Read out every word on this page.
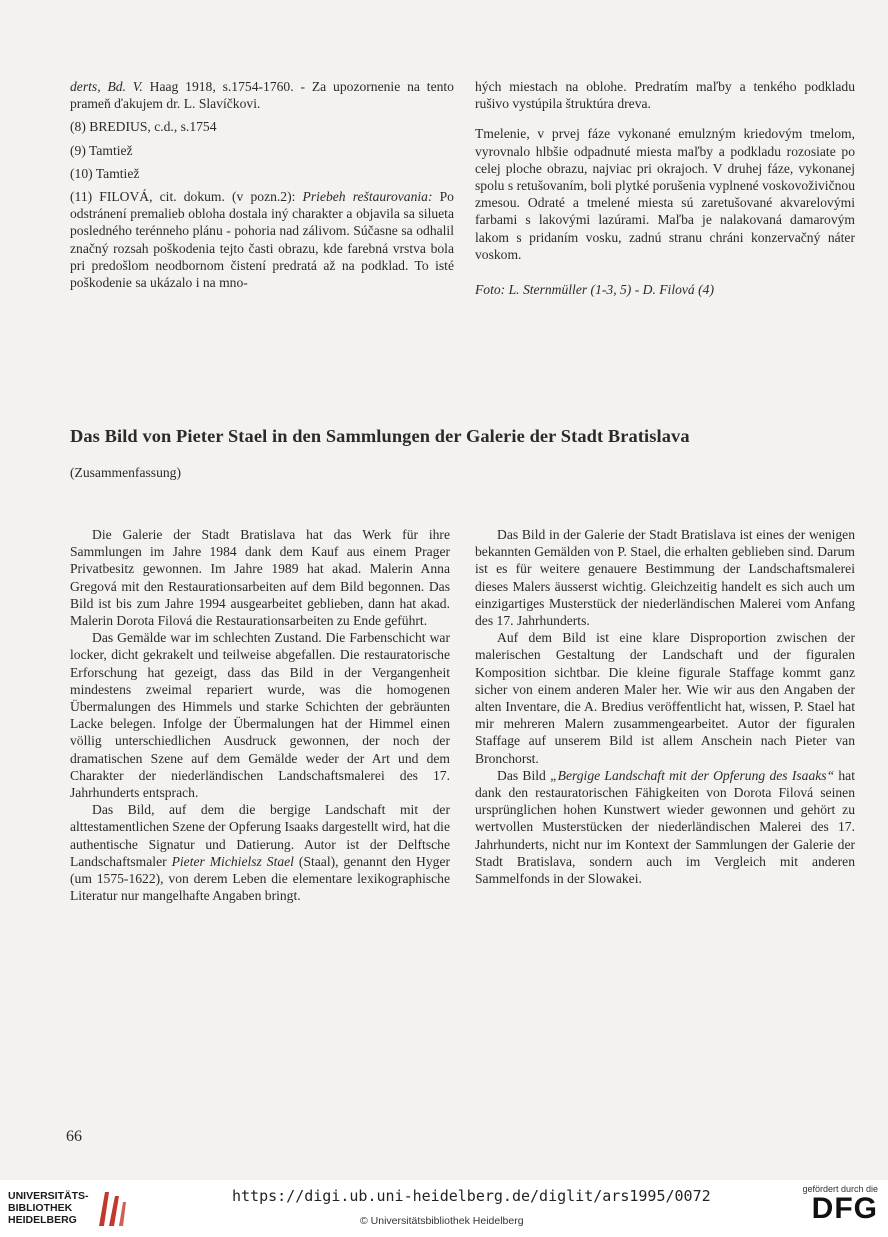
derts, Bd. V. Haag 1918, s.1754-1760. - Za upozornenie na tento prameň ďakujem dr. L. Slavíčkovi.

(8) BREDIUS, c.d., s.1754

(9) Tamtiež

(10) Tamtiež

(11) FILOVÁ, cit. dokum. (v pozn.2): Priebeh reštaurovania: Po odstránení premalieb obloha dostala iný charakter a objavila sa silueta posledného terénneho plánu - pohoria nad zálivom. Súčasne sa odhalil značný rozsah poškodenia tejto časti obrazu, kde farebná vrstva bola pri predošlom neodbornom čistení predratá až na podklad. To isté poškodenie sa ukázalo i na mno-

hých miestach na oblohe. Predratím maľby a tenkého podkladu rušivo vystúpila štruktúra dreva.

Tmelenie, v prvej fáze vykonané emulzným kriedovým tmelom, vyrovnalo hlbšie odpadnuté miesta maľby a podkladu rozosiate po celej ploche obrazu, najviac pri okrajoch. V druhej fáze, vykonanej spolu s retušovaním, boli plytké porušenia vyplnené voskovoživičnou zmesou. Odraté a tmelené miesta sú zaretušované akvarelovými farbami s lakovými lazúrami. Maľba je nalakovaná damarovým lakom s pridaním vosku, zadnú stranu chráni konzervačný náter voskom.

Foto: L. Sternmüller (1-3, 5) - D. Filová (4)

Das Bild von Pieter Stael in den Sammlungen der Galerie der Stadt Bratislava
(Zusammenfassung)

Die Galerie der Stadt Bratislava hat das Werk für ihre Sammlungen im Jahre 1984 dank dem Kauf aus einem Prager Privatbesitz gewonnen. Im Jahre 1989 hat akad. Malerin Anna Gregová mit den Restaurationsarbeiten auf dem Bild begonnen. Das Bild ist bis zum Jahre 1994 ausgearbeitet geblieben, dann hat akad. Malerin Dorota Filová die Restaurationsarbeiten zu Ende geführt.

Das Gemälde war im schlechten Zustand. Die Farbenschicht war locker, dicht gekrakelt und teilweise abgefallen. Die restauratorische Erforschung hat gezeigt, dass das Bild in der Vergangenheit mindestens zweimal repariert wurde, was die homogenen Übermalungen des Himmels und starke Schichten der gebräunten Lacke belegen. Infolge der Übermalungen hat der Himmel einen völlig unterschiedlichen Ausdruck gewonnen, der noch der dramatischen Szene auf dem Gemälde weder der Art und dem Charakter der niederländischen Landschaftsmalerei des 17. Jahrhunderts entsprach.

Das Bild, auf dem die bergige Landschaft mit der alttestamentlichen Szene der Opferung Isaaks dargestellt wird, hat die authentische Signatur und Datierung. Autor ist der Delftsche Landschaftsmaler Pieter Michielsz Stael (Staal), genannt den Hyger (um 1575-1622), von derem Leben die elementare lexikographische Literatur nur mangelhafte Angaben bringt.

Das Bild in der Galerie der Stadt Bratislava ist eines der wenigen bekannten Gemälden von P. Stael, die erhalten geblieben sind. Darum ist es für weitere genauere Bestimmung der Landschaftsmalerei dieses Malers äusserst wichtig. Gleichzeitig handelt es sich auch um einzigartiges Musterstück der niederländischen Malerei vom Anfang des 17. Jahrhunderts.

Auf dem Bild ist eine klare Disproportion zwischen der malerischen Gestaltung der Landschaft und der figuralen Komposition sichtbar. Die kleine figurale Staffage kommt ganz sicher von einem anderen Maler her. Wie wir aus den Angaben der alten Inventare, die A. Bredius veröffentlicht hat, wissen, P. Stael hat mir mehreren Malern zusammengearbeitet. Autor der figuralen Staffage auf unserem Bild ist allem Anschein nach Pieter van Bronchorst.

Das Bild „Bergige Landschaft mit der Opferung des Isaaks“ hat dank den restauratorischen Fähigkeiten von Dorota Filová seinen ursprünglichen hohen Kunstwert wieder gewonnen und gehört zu wertvollen Musterstücken der niederländischen Malerei des 17. Jahrhunderts, nicht nur im Kontext der Sammlungen der Galerie der Stadt Bratislava, sondern auch im Vergleich mit anderen Sammelfonds in der Slowakei.

66
UNIVERSITÄTS-
BIBLIOTHEK
HEIDELBERG
https://digi.ub.uni-heidelberg.de/diglit/ars1995/0072
© Universitätsbibliothek Heidelberg
gefördert durch die
DFG
